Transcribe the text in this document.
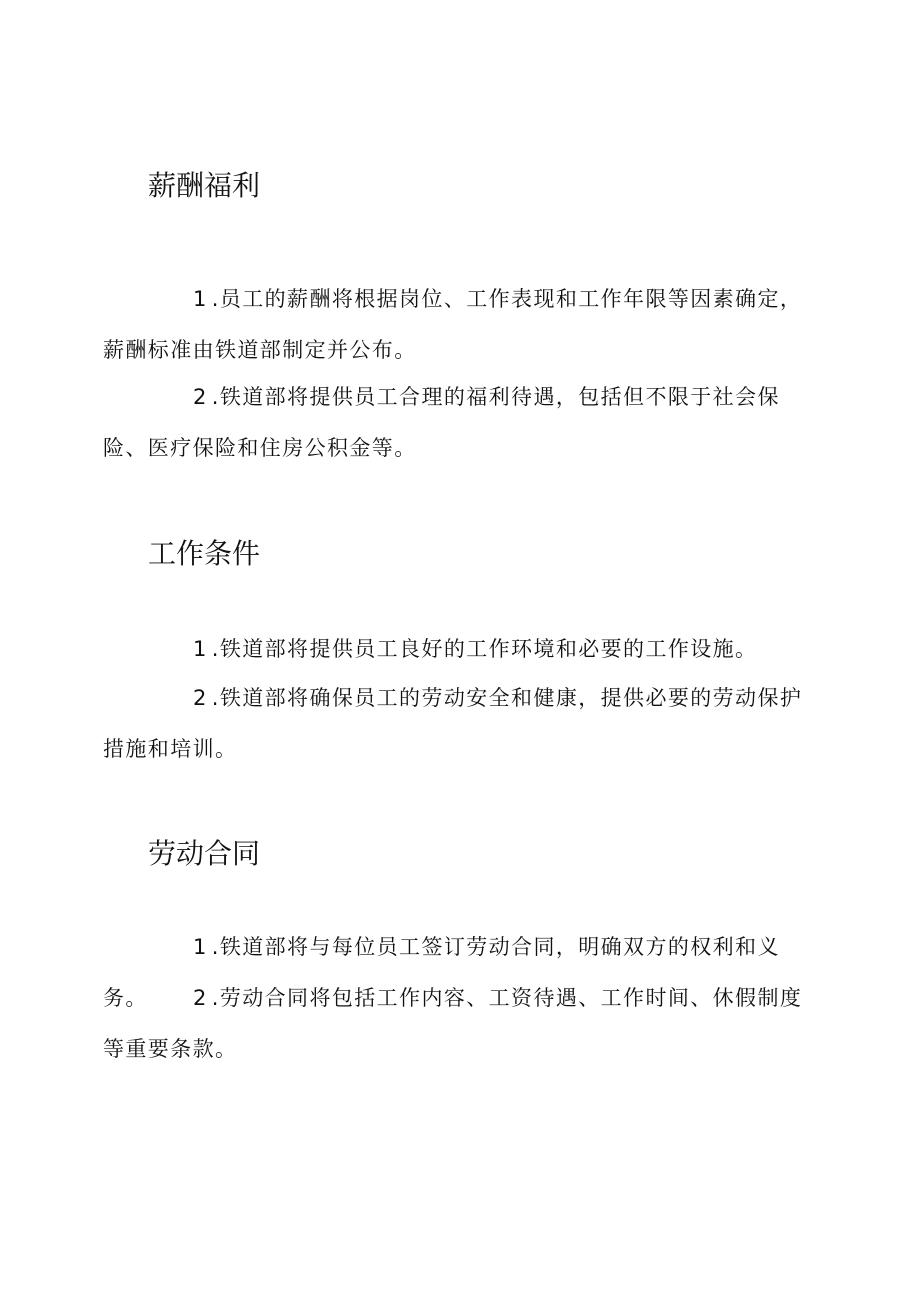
薪酬福利

1 .员工的薪酬将根据岗位、工作表现和工作年限等因素确定，薪酬标准由铁道部制定并公布。

2 .铁道部将提供员工合理的福利待遇，包括但不限于社会保险、医疗保险和住房公积金等。

工作条件

1 .铁道部将提供员工良好的工作环境和必要的工作设施。

2 .铁道部将确保员工的劳动安全和健康，提供必要的劳动保护措施和培训。

劳动合同

1 .铁道部将与每位员工签订劳动合同，明确双方的权利和义务。	2 .劳动合同将包括工作内容、工资待遇、工作时间、休假制度等重要条款。
